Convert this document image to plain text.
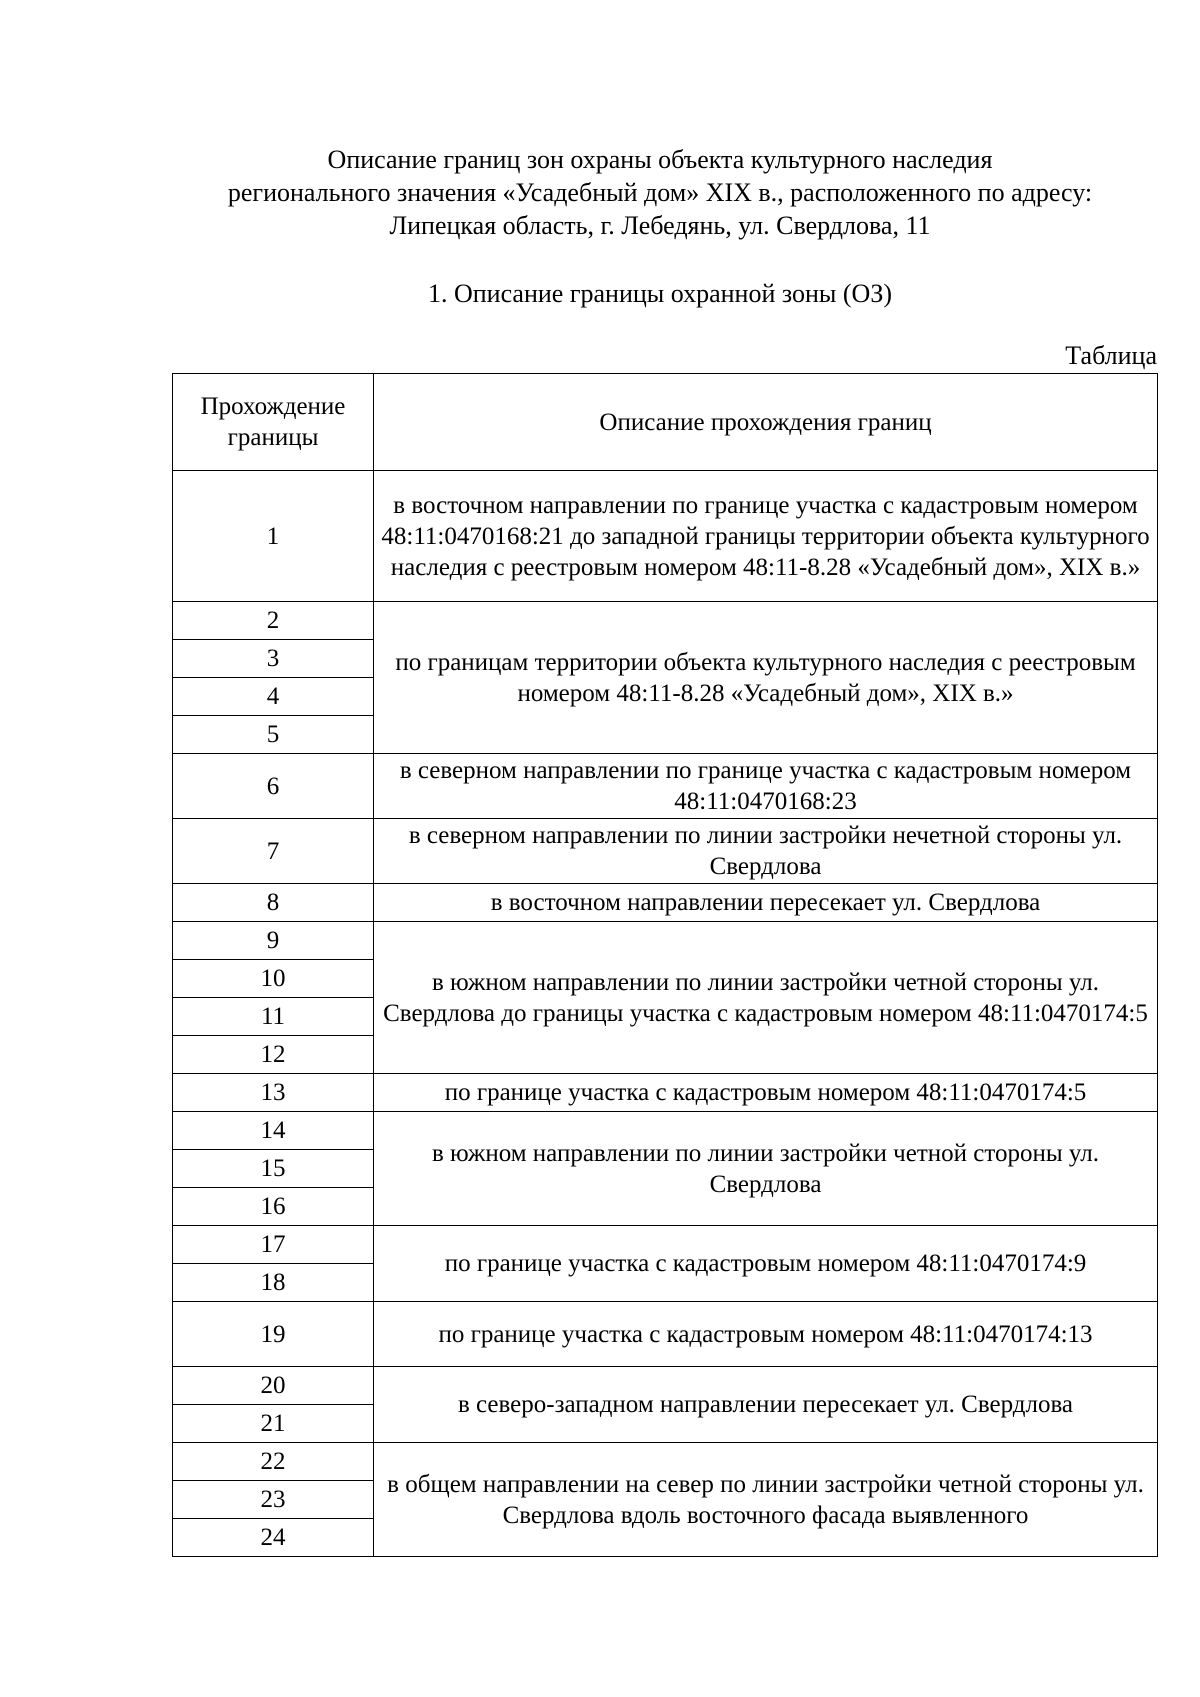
Описание границ зон охраны объекта культурного наследия
регионального значения «Усадебный дом» XIX в., расположенного по адресу:
Липецкая область, г. Лебедянь, ул. Свердлова, 11
1. Описание границы охранной зоны (ОЗ)
Таблица
Прохождение границы	Описание прохождения границ
1	в восточном направлении по границе участка с кадастровым номером 48:11:0470168:21 до западной границы территории объекта культурного наследия с реестровым номером 48:11-8.28 «Усадебный дом», XIX в.»
2	по границам территории объекта культурного наследия с реестровым номером 48:11-8.28 «Усадебный дом», XIX в.»
3	
4	
5	
6	в северном направлении по границе участка с кадастровым номером 48:11:0470168:23
7	в северном направлении по линии застройки нечетной стороны ул. Свердлова
8	в восточном направлении пересекает ул. Свердлова
9	в южном направлении по линии застройки четной стороны ул. Свердлова до границы участка с кадастровым номером 48:11:0470174:5
10	
11	
12	
13	по границе участка с кадастровым номером 48:11:0470174:5
14	в южном направлении по линии застройки четной стороны ул. Свердлова
15	
16	
17	по границе участка с кадастровым номером 48:11:0470174:9
18	
19	по границе участка с кадастровым номером 48:11:0470174:13
20	в северо-западном направлении пересекает ул. Свердлова
21	
22	в общем направлении на север по линии застройки четной стороны ул. Свердлова вдоль восточного фасада выявленного
23	
24	
